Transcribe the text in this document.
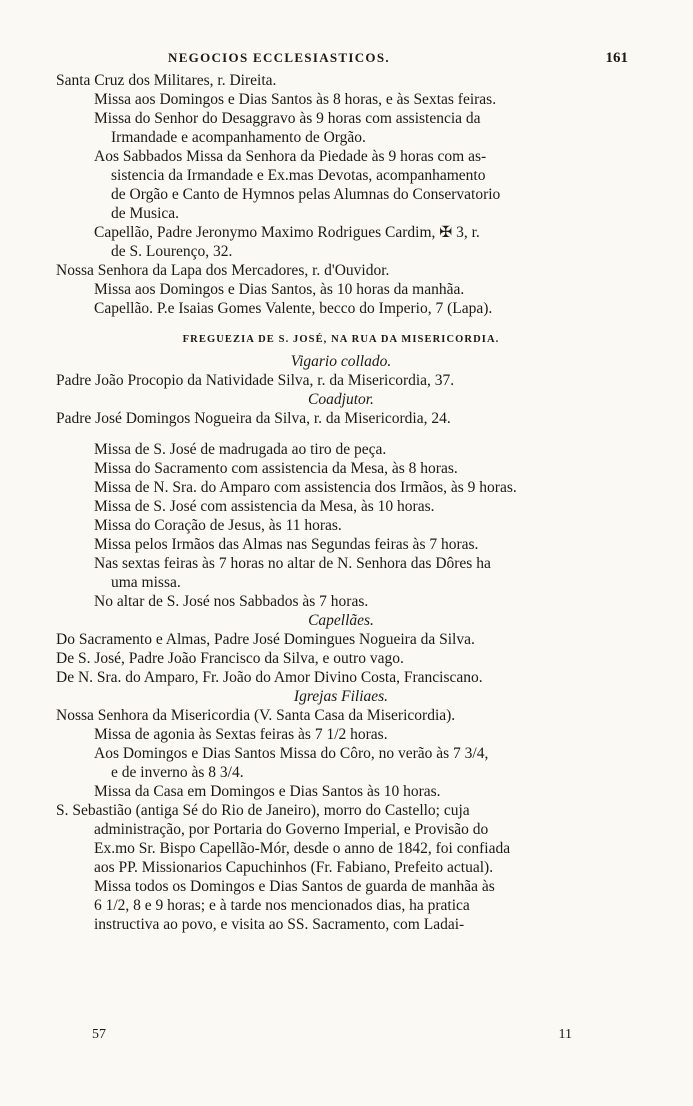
NEGOCIOS ECCLESIASTICOS.	161
Santa Cruz dos Militares, r. Direita.
Missa aos Domingos e Dias Santos às 8 horas, e às Sextas feiras.
Missa do Senhor do Desaggravo às 9 horas com assistencia da
Irmandade e acompanhamento de Orgão.
Aos Sabbados Missa da Senhora da Piedade às 9 horas com as-
sistencia da Irmandade e Ex.mas Devotas, acompanhamento
de Orgão e Canto de Hymnos pelas Alumnas do Conservatorio
de Musica.
Capellão, Padre Jeronymo Maximo Rodrigues Cardim, ✠ 3, r.
de S. Lourenço, 32.
Nossa Senhora da Lapa dos Mercadores, r. d'Ouvidor.
Missa aos Domingos e Dias Santos, às 10 horas da manhãa.
Capellão. P.e Isaias Gomes Valente, becco do Imperio, 7 (Lapa).
FREGUEZIA DE S. JOSÉ, NA RUA DA MISERICORDIA.
Vigario collado.
Padre João Procopio da Natividade Silva, r. da Misericordia, 37.
Coadjutor.
Padre José Domingos Nogueira da Silva, r. da Misericordia, 24.
Missa de S. José de madrugada ao tiro de peça.
Missa do Sacramento com assistencia da Mesa, às 8 horas.
Missa de N. Sra. do Amparo com assistencia dos Irmãos, às 9 horas.
Missa de S. José com assistencia da Mesa, às 10 horas.
Missa do Coração de Jesus, às 11 horas.
Missa pelos Irmãos das Almas nas Segundas feiras às 7 horas.
Nas sextas feiras às 7 horas no altar de N. Senhora das Dôres ha
uma missa.
No altar de S. José nos Sabbados às 7 horas.
Capellães.
Do Sacramento e Almas, Padre José Domingues Nogueira da Silva.
De S. José, Padre João Francisco da Silva, e outro vago.
De N. Sra. do Amparo, Fr. João do Amor Divino Costa, Franciscano.
Igrejas Filiaes.
Nossa Senhora da Misericordia (V. Santa Casa da Misericordia).
Missa de agonia às Sextas feiras às 7 1/2 horas.
Aos Domingos e Dias Santos Missa do Côro, no verão às 7 3/4,
e de inverno às 8 3/4.
Missa da Casa em Domingos e Dias Santos às 10 horas.
S. Sebastião (antiga Sé do Rio de Janeiro), morro do Castello; cuja
administração, por Portaria do Governo Imperial, e Provisão do
Ex.mo Sr. Bispo Capellão-Mór, desde o anno de 1842, foi confiada
aos PP. Missionarios Capuchinhos (Fr. Fabiano, Prefeito actual).
Missa todos os Domingos e Dias Santos de guarda de manhãa às
6 1/2, 8 e 9 horas; e à tarde nos mencionados dias, ha pratica
instructiva ao povo, e visita ao SS. Sacramento, com Ladai-
57	11
